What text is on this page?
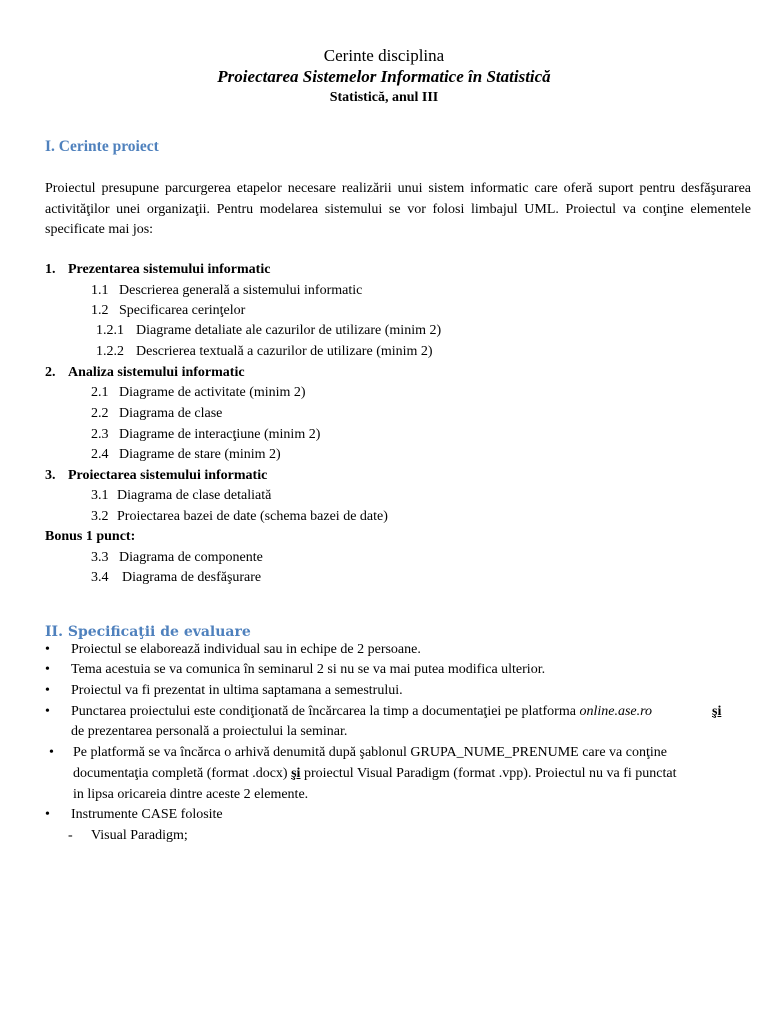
Cerinte disciplina
Proiectarea Sistemelor Informatice în Statistică
Statistică, anul III
I. Cerinte proiect
Proiectul presupune parcurgerea etapelor necesare realizării unui sistem informatic care oferă suport pentru desfăşurarea activităţilor unei organizaţii. Pentru modelarea sistemului se vor folosi limbajul UML. Proiectul va conţine elementele specificate mai jos:
1. Prezentarea sistemului informatic
1.1 Descrierea generală a sistemului informatic
1.2 Specificarea cerinţelor
1.2.1 Diagrame detaliate ale cazurilor de utilizare (minim 2)
1.2.2 Descrierea textuală a cazurilor de utilizare (minim 2)
2. Analiza sistemului informatic
2.1 Diagrame de activitate (minim 2)
2.2 Diagrama de clase
2.3 Diagrame de interacţiune (minim 2)
2.4 Diagrame de stare (minim 2)
3. Proiectarea sistemului informatic
3.1 Diagrama de clase detaliată
3.2 Proiectarea bazei de date (schema bazei de date)
Bonus 1 punct:
3.3 Diagrama de componente
3.4 Diagrama de desfăşurare
II. Specificaţii de evaluare
• Proiectul se elaborează individual sau in echipe de 2 persoane.
• Tema acestuia se va comunica în seminarul 2 si nu se va mai putea modifica ulterior.
• Proiectul va fi prezentat in ultima saptamana a semestrului.
• Punctarea proiectului este condiţionată de încărcarea la timp a documentaţiei pe platforma online.ase.ro	şi
de prezentarea personală a proiectului la seminar.
• Pe platformă se va încărca o arhivă denumită după şablonul GRUPA_NUME_PRENUME care va conţine
documentaţia completă (format .docx) şi proiectul Visual Paradigm (format .vpp). Proiectul nu va fi punctat
in lipsa oricareia dintre aceste 2 elemente.
• Instrumente CASE folosite
- Visual Paradigm;
